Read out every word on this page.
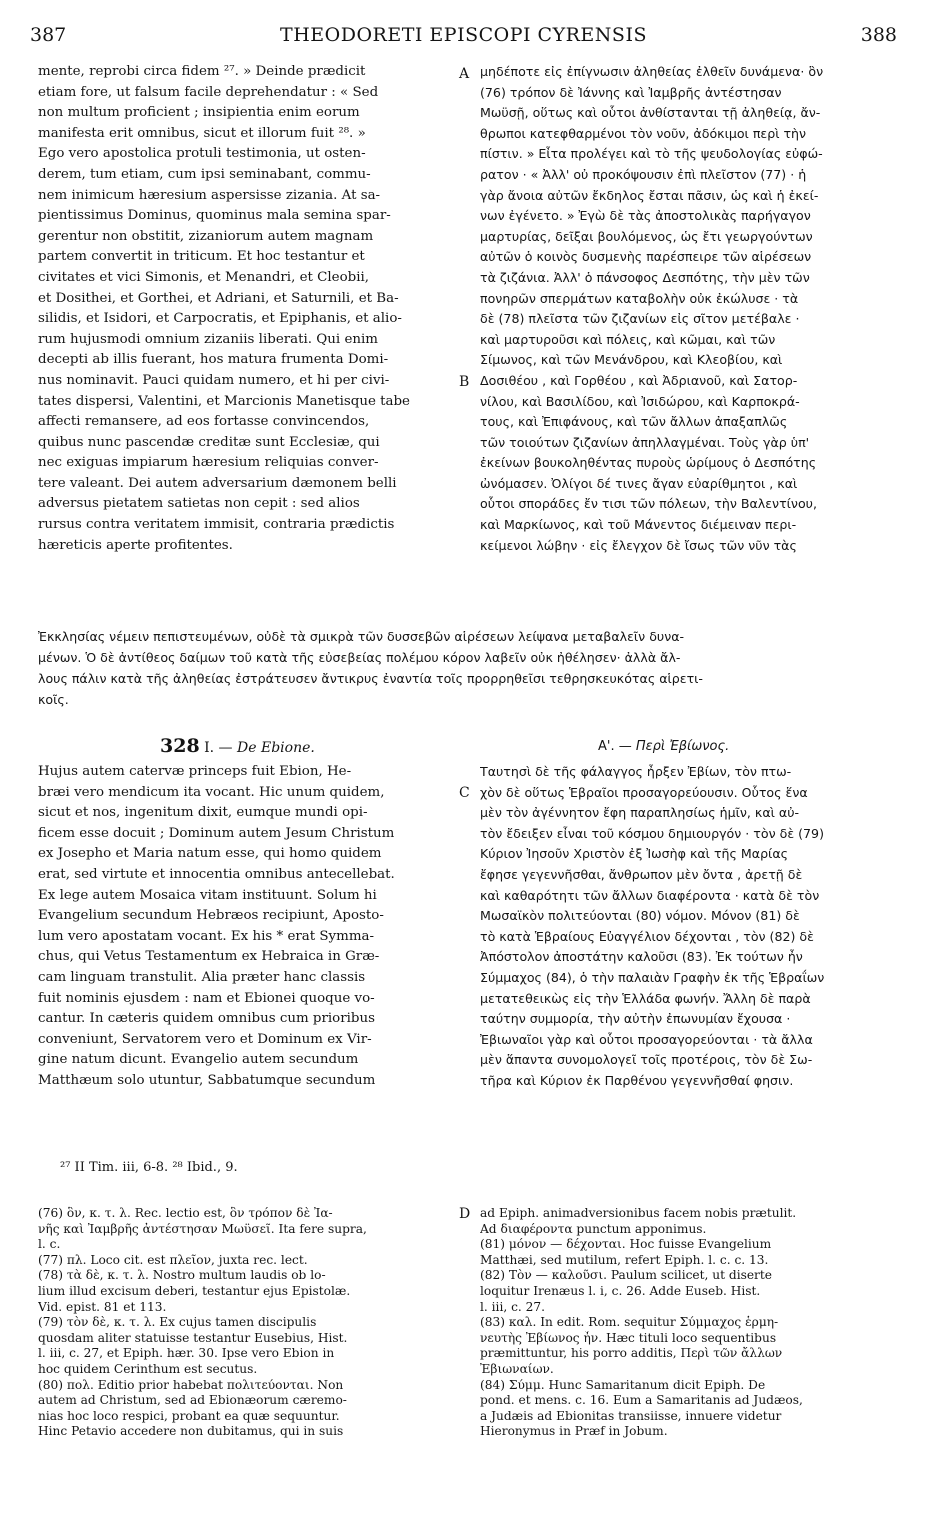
387	THEODORETI EPISCOPI CYRENSIS	388
mente, reprobi circa fidem ²⁷. » Deinde prædicit
etiam fore, ut falsum facile deprehendatur : « Sed
non multum proficient ; insipientia enim eorum
manifesta erit omnibus, sicut et illorum fuit ²⁸. »
Ego vero apostolica protuli testimonia, ut osten-
derem, tum etiam, cum ipsi seminabant, commu-
nem inimicum hæresium aspersisse zizania. At sa-
pientissimus Dominus, quominus mala semina spar-
gerentur non obstitit, zizaniorum autem magnam
partem convertit in triticum. Et hoc testantur et
civitates et vici Simonis, et Menandri, et Cleobii,
et Dosithei, et Gorthei, et Adriani, et Saturnili, et Ba-
silidis, et Isidori, et Carpocratis, et Epiphanis, et alio-
rum hujusmodi omnium zizaniis liberati. Qui enim
decepti ab illis fuerant, hos matura frumenta Domi-
nus nominavit. Pauci quidam numero, et hi per civi-
tates dispersi, Valentini, et Marcionis Manetisque tabe
affecti remansere, ad eos fortasse convincendos,
quibus nunc pascendæ creditæ sunt Ecclesiæ, qui
nec exiguas impiarum hæresium reliquias conver-
tere valeant. Dei autem adversarium dæmonem belli
adversus pietatem satietas non cepit : sed alios
rursus contra veritatem immisit, contraria prædictis
hæreticis aperte profitentes.
A
B
μηδέποτε εἰς ἐπίγνωσιν ἀληθείας ἐλθεῖν δυνάμενα· ὃν
(76) τρόπον δὲ Ἰάννης καὶ Ἰαμβρῆς ἀντέστησαν
Μωϋσῇ, οὕτως καὶ οὗτοι ἀνθίστανται τῇ ἀληθείᾳ, ἄν-
θρωποι κατεφθαρμένοι τὸν νοῦν, ἀδόκιμοι περὶ τὴν
πίστιν. » Εἶτα προλέγει καὶ τὸ τῆς ψευδολογίας εὐφώ-
ρατον · « Ἀλλ' οὐ προκόψουσιν ἐπὶ πλεῖστον (77) · ἡ
γὰρ ἄνοια αὐτῶν ἔκδηλος ἔσται πᾶσιν, ὡς καὶ ἡ ἐκεί-
νων ἐγένετο. » Ἐγὼ δὲ τὰς ἀποστολικὰς παρήγαγον
μαρτυρίας, δεῖξαι βουλόμενος, ὡς ἔτι γεωργούντων
αὐτῶν ὁ κοινὸς δυσμενὴς παρέσπειρε τῶν αἱρέσεων
τὰ ζιζάνια. Ἀλλ' ὁ πάνσοφος Δεσπότης, τὴν μὲν τῶν
πονηρῶν σπερμάτων καταβολὴν οὐκ ἐκώλυσε · τὰ
δὲ (78) πλεῖστα τῶν ζιζανίων εἰς σῖτον μετέβαλε ·
καὶ μαρτυροῦσι καὶ πόλεις, καὶ κῶμαι, καὶ τῶν
Σίμωνος, καὶ τῶν Μενάνδρου, καὶ Κλεοβίου, καὶ
Δοσιθέου , καὶ Γορθέου , καὶ Ἀδριανοῦ, καὶ Σατορ-
νίλου, καὶ Βασιλίδου, καὶ Ἰσιδώρου, καὶ Καρποκρά-
τους, καὶ Ἐπιφάνους, καὶ τῶν ἄλλων ἀπαξαπλῶς
τῶν τοιούτων ζιζανίων ἀπηλλαγμέναι. Τοὺς γὰρ ὑπ'
ἐκείνων βουκοληθέντας πυροὺς ὡρίμους ὁ Δεσπότης
ὠνόμασεν. Ὀλίγοι δέ τινες ἄγαν εὐαρίθμητοι , καὶ
οὗτοι σποράδες ἔν τισι τῶν πόλεων, τὴν Βαλεντίνου,
καὶ Μαρκίωνος, καὶ τοῦ Μάνεντος διέμειναν περι-
κείμενοι λώβην · εἰς ἔλεγχον δὲ ἴσως τῶν νῦν τὰς
Ἐκκλησίας νέμειν πεπιστευμένων, οὐδὲ τὰ σμικρὰ τῶν δυσσεβῶν αἱρέσεων λείψανα μεταβαλεῖν δυνα-
μένων. Ὁ δὲ ἀντίθεος δαίμων τοῦ κατὰ τῆς εὐσεβείας πολέμου κόρον λαβεῖν οὐκ ἠθέλησεν· ἀλλὰ ἄλ-
λους πάλιν κατὰ τῆς ἀληθείας ἐστράτευσεν ἄντικρυς ἐναντία τοῖς προρρηθεῖσι τεθρησκευκότας αἱρετι-
κοῖς.
328 I. — De Ebione.	Α'. — Περὶ Ἐβίωνος.
Hujus autem catervæ princeps fuit Ebion, He-
bræi vero mendicum ita vocant. Hic unum quidem,
sicut et nos, ingenitum dixit, eumque mundi opi-
ficem esse docuit ; Dominum autem Jesum Christum
ex Josepho et Maria natum esse, qui homo quidem
erat, sed virtute et innocentia omnibus antecellebat.
Ex lege autem Mosaica vitam instituunt. Solum hi
Evangelium secundum Hebræos recipiunt, Aposto-
lum vero apostatam vocant. Ex his * erat Symma-
chus, qui Vetus Testamentum ex Hebraica in Græ-
cam linguam transtulit. Alia præter hanc classis
fuit nominis ejusdem : nam et Ebionei quoque vo-
cantur. In cæteris quidem omnibus cum prioribus
conveniunt, Servatorem vero et Dominum ex Vir-
gine natum dicunt. Evangelio autem secundum
Matthæum solo utuntur, Sabbatumque secundum
C
Ταυτησὶ δὲ τῆς φάλαγγος ἦρξεν Ἐβίων, τὸν πτω-
χὸν δὲ οὕτως Ἑβραῖοι προσαγορεύουσιν. Οὗτος ἕνα
μὲν τὸν ἀγέννητον ἔφη παραπλησίως ἡμῖν, καὶ αὐ-
τὸν ἔδειξεν εἶναι τοῦ κόσμου δημιουργόν · τὸν δὲ (79)
Κύριον Ἰησοῦν Χριστὸν ἐξ Ἰωσὴφ καὶ τῆς Μαρίας
ἔφησε γεγεννῆσθαι, ἄνθρωπον μὲν ὄντα , ἀρετῇ δὲ
καὶ καθαρότητι τῶν ἄλλων διαφέροντα · κατὰ δὲ τὸν
Μωσαϊκὸν πολιτεύονται (80) νόμον. Μόνον (81) δὲ
τὸ κατὰ Ἑβραίους Εὐαγγέλιον δέχονται , τὸν (82) δὲ
Ἀπόστολον ἀποστάτην καλοῦσι (83). Ἐκ τούτων ἦν
Σύμμαχος (84), ὁ τὴν παλαιὰν Γραφὴν ἐκ τῆς Ἑβραΐων
μετατεθεικὼς εἰς τὴν Ἑλλάδα φωνήν. Ἄλλη δὲ παρὰ
ταύτην συμμορία, τὴν αὐτὴν ἐπωνυμίαν ἔχουσα ·
Ἐβιωναῖοι γὰρ καὶ οὗτοι προσαγορεύονται · τὰ ἄλλα
μὲν ἅπαντα συνομολογεῖ τοῖς προτέροις, τὸν δὲ Σω-
τῆρα καὶ Κύριον ἐκ Παρθένου γεγεννῆσθαί φησιν.
²⁷ II Tim. iii, 6-8. ²⁸ Ibid., 9.
(76) ὃν, κ. τ. λ. Rec. lectio est, ὃν τρόπον δὲ Ἰα-
νῆς καὶ Ἰαμβρῆς ἀντέστησαν Μωϋσεῖ. Ita fere supra,
l. c.
(77) πλ. Loco cit. est πλεῖον, juxta rec. lect.
(78) τὰ δὲ, κ. τ. λ. Nostro multum laudis ob lo-
lium illud excisum deberi, testantur ejus Epistolæ.
Vid. epist. 81 et 113.
(79) τὸν δὲ, κ. τ. λ. Ex cujus tamen discipulis
quosdam aliter statuisse testantur Eusebius, Hist.
l. iii, c. 27, et Epiph. hær. 30. Ipse vero Ebion in
hoc quidem Cerinthum est secutus.
(80) πολ. Editio prior habebat πολιτεύονται. Non
autem ad Christum, sed ad Ebionæorum cæremo-
nias hoc loco respici, probant ea quæ sequuntur.
Hinc Petavio accedere non dubitamus, qui in suis
D ad Epiph. animadversionibus facem nobis prætulit.
Ad διαφέροντα punctum apponimus.
(81) μόνον — δέχονται. Hoc fuisse Evangelium
Matthæi, sed mutilum, refert Epiph. l. c. c. 13.
(82) Τὸν — καλοῦσι. Paulum scilicet, ut diserte
loquitur Irenæus l. i, c. 26. Adde Euseb. Hist.
l. iii, c. 27.
(83) καλ. In edit. Rom. sequitur Σύμμαχος ἑρμη-
νευτὴς Ἐβίωνος ἦν. Hæc tituli loco sequentibus
præmittuntur, his porro additis, Περὶ τῶν ἄλλων
Ἐβιωναίων.
(84) Σύμμ. Hunc Samaritanum dicit Epiph. De
pond. et mens. c. 16. Eum a Samaritanis ad Judæos,
a Judæis ad Ebionitas transiisse, innuere videtur
Hieronymus in Præf in Jobum.
